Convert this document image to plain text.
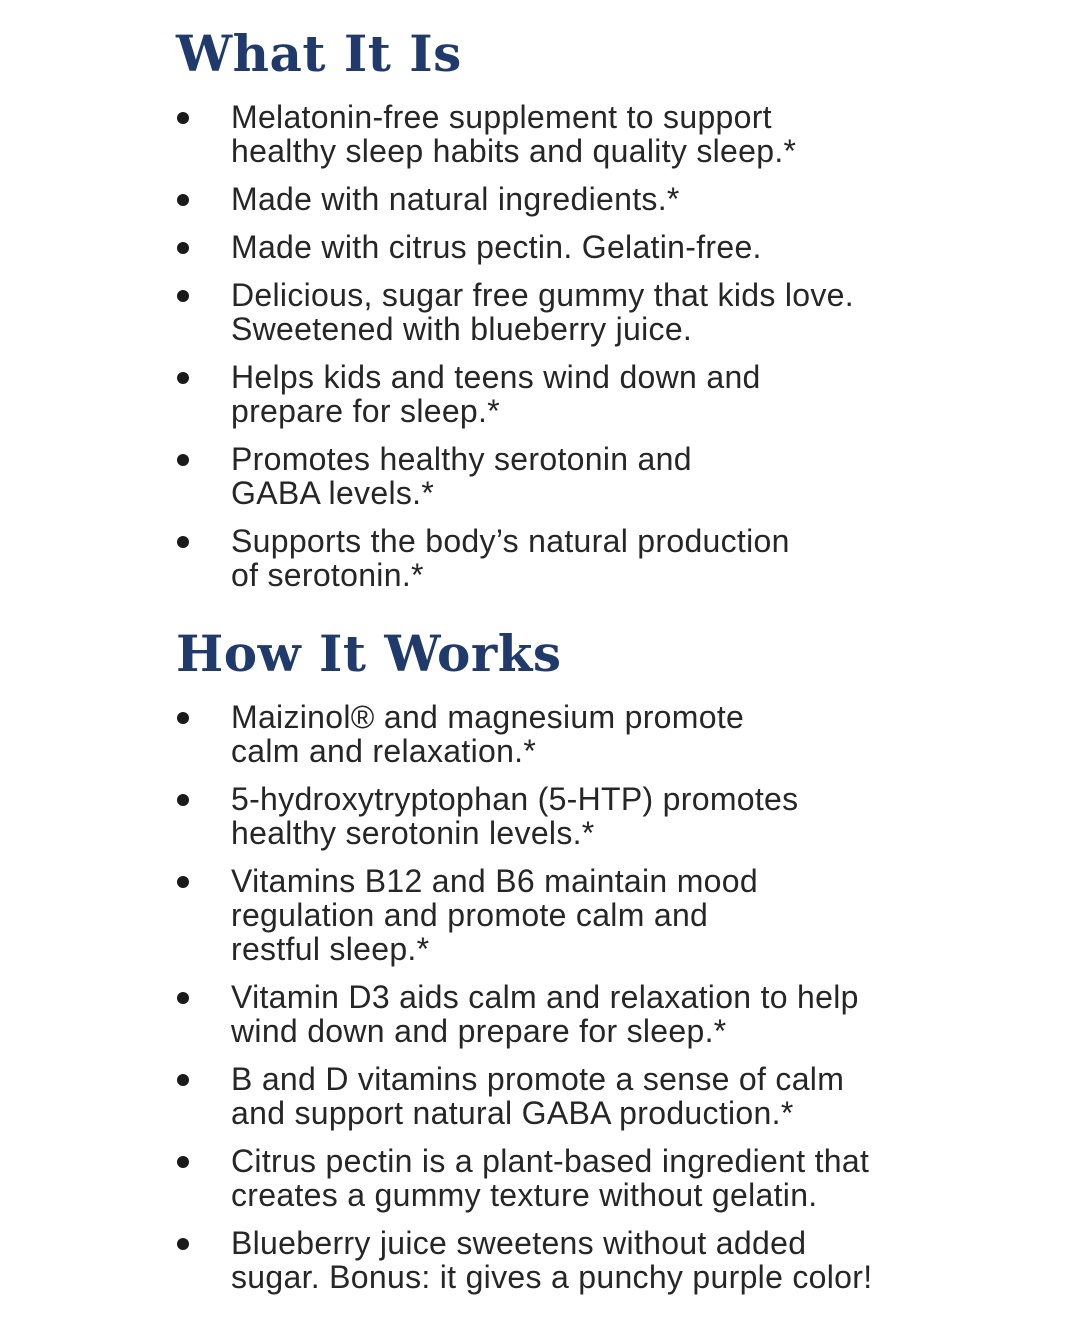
What It Is
Melatonin-free supplement to support
healthy sleep habits and quality sleep.*
Made with natural ingredients.*
Made with citrus pectin. Gelatin-free.
Delicious, sugar free gummy that kids love.
Sweetened with blueberry juice.
Helps kids and teens wind down and
prepare for sleep.*
Promotes healthy serotonin and
GABA levels.*
Supports the body’s natural production
of serotonin.*
How It Works
Maizinol® and magnesium promote
calm and relaxation.*
5-hydroxytryptophan (5-HTP) promotes
healthy serotonin levels.*
Vitamins B12 and B6 maintain mood
regulation and promote calm and
restful sleep.*
Vitamin D3 aids calm and relaxation to help
wind down and prepare for sleep.*
B and D vitamins promote a sense of calm
and support natural GABA production.*
Citrus pectin is a plant-based ingredient that
creates a gummy texture without gelatin.
Blueberry juice sweetens without added
sugar. Bonus: it gives a punchy purple color!
